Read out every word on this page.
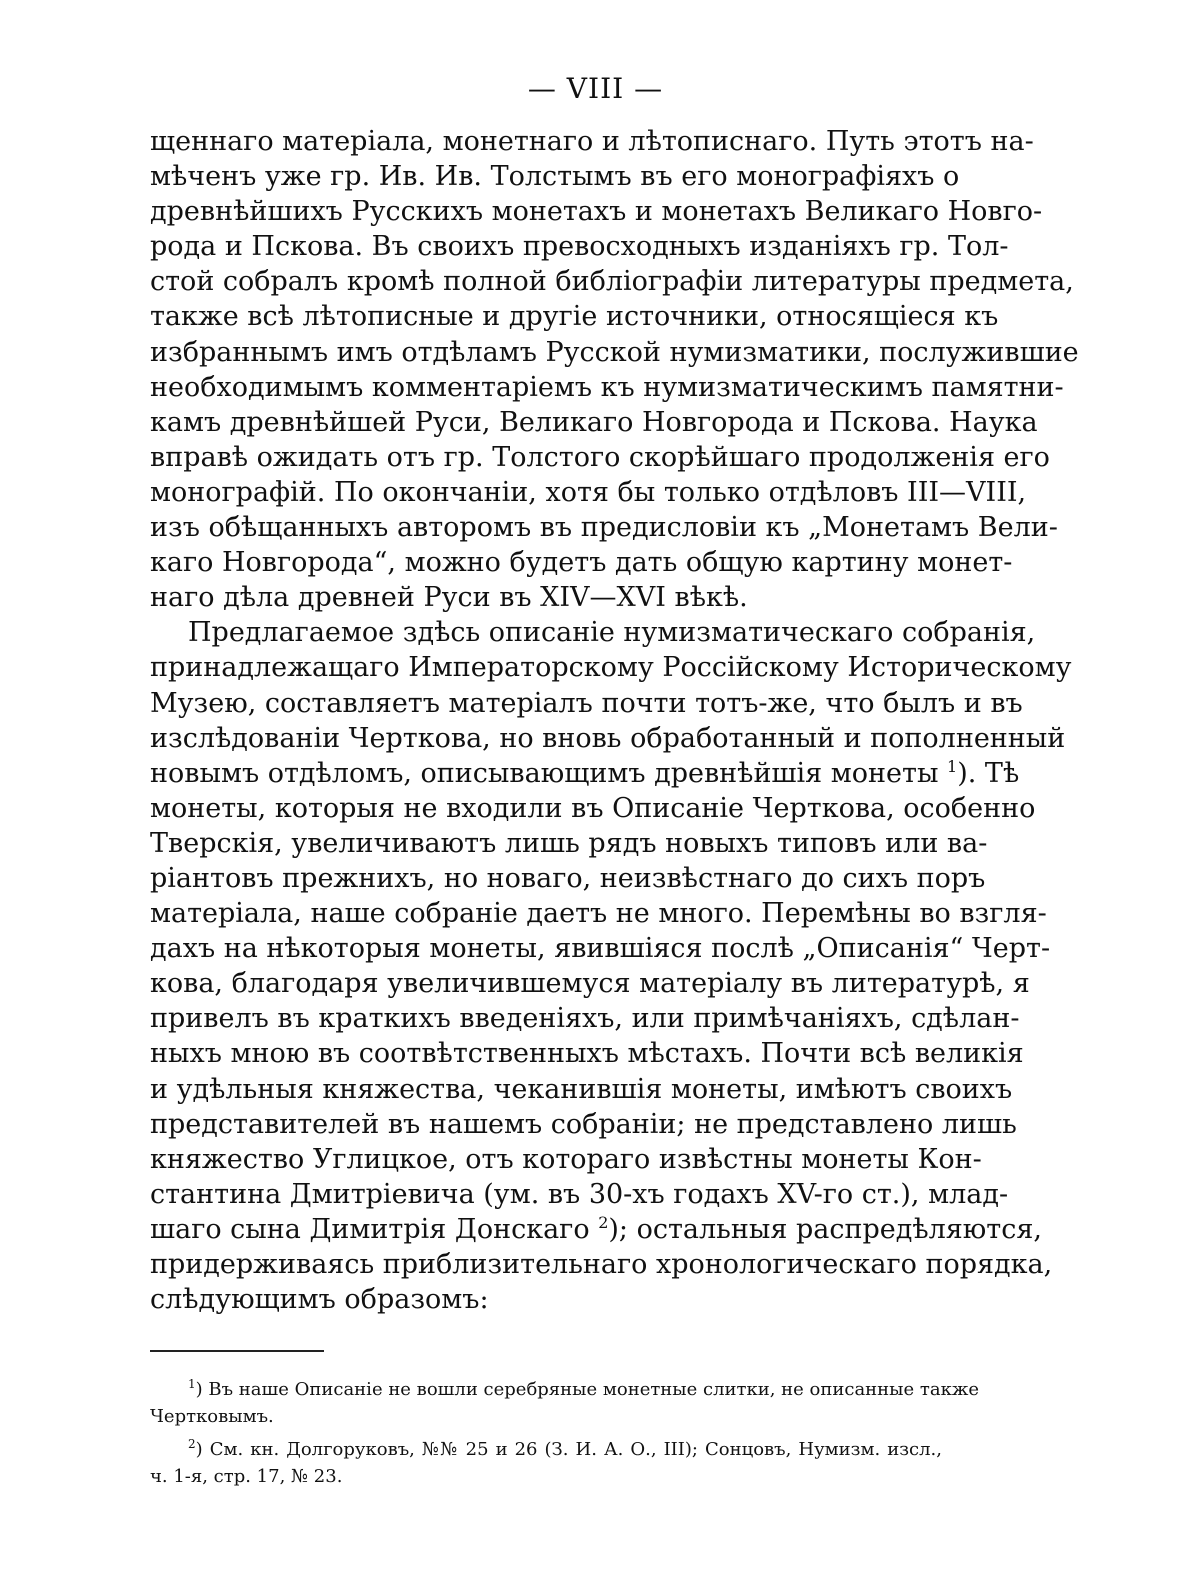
— VIII —

щеннаго матеріала, монетнаго и лѣтописнаго. Путь этотъ на-
мѣченъ уже гр. Ив. Ив. Толстымъ въ его монографіяхъ о
древнѣйшихъ Русскихъ монетахъ и монетахъ Великаго Новго-
рода и Пскова. Въ своихъ превосходныхъ изданіяхъ гр. Тол-
стой собралъ кромѣ полной библіографіи литературы предмета,
также всѣ лѣтописные и другіе источники, относящіеся къ
избраннымъ имъ отдѣламъ Русской нумизматики, послужившие
необходимымъ комментаріемъ къ нумизматическимъ памятни-
камъ древнѣйшей Руси, Великаго Новгорода и Пскова. Наука
вправѣ ожидать отъ гр. Толстого скорѣйшаго продолженія его
монографій. По окончаніи, хотя бы только отдѣловъ III—VIII,
изъ обѣщанныхъ авторомъ въ предисловіи къ „Монетамъ Вели-
каго Новгорода“, можно будетъ дать общую картину монет-
наго дѣла древней Руси въ XIV—XVI вѣкѣ.

Предлагаемое здѣсь описаніе нумизматическаго собранія,
принадлежащаго Императорскому Россійскому Историческому
Музею, составляетъ матеріалъ почти тотъ-же, что былъ и въ
изслѣдованіи Черткова, но вновь обработанный и пополненный
новымъ отдѣломъ, описывающимъ древнѣйшія монеты $^1$). Тѣ
монеты, которыя не входили въ Описаніе Черткова, особенно
Тверскія, увеличиваютъ лишь рядъ новыхъ типовъ или ва-
ріантовъ прежнихъ, но новаго, неизвѣстнаго до сихъ поръ
матеріала, наше собраніе даетъ не много. Перемѣны во взгля-
дахъ на нѣкоторыя монеты, явившіяся послѣ „Описанія“ Черт-
кова, благодаря увеличившемуся матеріалу въ литературѣ, я
привелъ въ краткихъ введеніяхъ, или примѣчаніяхъ, сдѣлан-
ныхъ мною въ соотвѣтственныхъ мѣстахъ. Почти всѣ великія
и удѣльныя княжества, чеканившія монеты, имѣютъ своихъ
представителей въ нашемъ собраніи; не представлено лишь
княжество Углицкое, отъ котораго извѣстны монеты Кон-
стантина Дмитріевича (ум. въ 30-хъ годахъ XV-го ст.), млад-
шаго сына Димитрія Донскаго $^2$); остальныя распредѣляются,
придерживаясь приблизительнаго хронологическаго порядка,
слѣдующимъ образомъ:

$^1$) Въ наше Описаніе не вошли серебряные монетные слитки, не описанные также
Чертковымъ.

$^2$) См. кн. Долгоруковъ, №№ 25 и 26 (З. И. А. О., III); Сонцовъ, Нумизм. изсл.,
ч. 1-я, стр. 17, № 23.
